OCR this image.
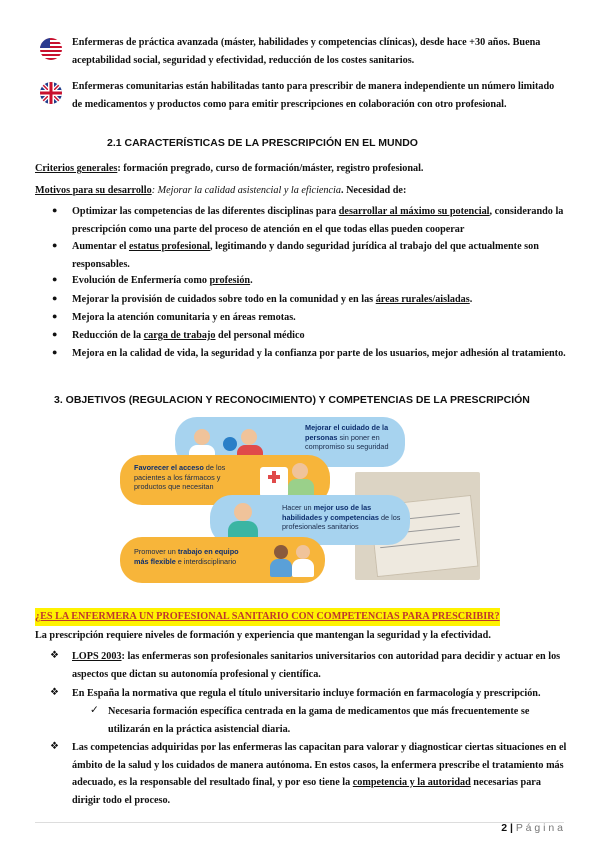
Enfermeras de práctica avanzada (máster, habilidades y competencias clínicas), desde hace +30 años. Buena aceptabilidad social, seguridad y efectividad, reducción de los costes sanitarios.
Enfermeras comunitarias están habilitadas tanto para prescribir de manera independiente un número limitado de medicamentos y productos como para emitir prescripciones en colaboración con otro profesional.
2.1 CARACTERÍSTICAS DE LA PRESCRIPCIÓN EN EL MUNDO
Criterios generales: formación pregrado, curso de formación/máster, registro profesional.
Motivos para su desarrollo: Mejorar la calidad asistencial y la eficiencia. Necesidad de:
● Optimizar las competencias de las diferentes disciplinas para desarrollar al máximo su potencial, considerando la prescripción como una parte del proceso de atención en el que todas ellas pueden cooperar
● Aumentar el estatus profesional, legitimando y dando seguridad jurídica al trabajo del que actualmente son responsables.
● Evolución de Enfermería como profesión.
● Mejorar la provisión de cuidados sobre todo en la comunidad y en las áreas rurales/aisladas.
● Mejora la atención comunitaria y en áreas remotas.
● Reducción de la carga de trabajo del personal médico
● Mejora en la calidad de vida, la seguridad y la confianza por parte de los usuarios, mejor adhesión al tratamiento.
3. OBJETIVOS (REGULACION Y RECONOCIMIENTO) Y COMPETENCIAS DE LA PRESCRIPCIÓN
Mejorar el cuidado de la
personas sin poner en compromiso su seguridad
Favorecer el acceso de los pacientes a los fármacos y productos que necesitan
Hacer un mejor uso de las habilidades y competencias de los profesionales sanitarios
Promover un trabajo en equipo
más flexible e interdisciplinario
¿ES LA ENFERMERA UN PROFESIONAL SANITARIO CON COMPETENCIAS PARA PRESCRIBIR?
La prescripción requiere niveles de formación y experiencia que mantengan la seguridad y la efectividad.
❖ LOPS 2003: las enfermeras son profesionales sanitarios universitarios con autoridad para decidir y actuar en los aspectos que dictan su autonomía profesional y científica.
❖ En España la normativa que regula el título universitario incluye formación en farmacología y prescripción.
✓ Necesaria formación específica centrada en la gama de medicamentos que más frecuentemente se utilizarán en la práctica asistencial diaria.
❖ Las competencias adquiridas por las enfermeras las capacitan para valorar y diagnosticar ciertas situaciones en el ámbito de la salud y los cuidados de manera autónoma. En estos casos, la enfermera prescribe el tratamiento más adecuado, es la responsable del resultado final, y por eso tiene la competencia y la autoridad necesarias para dirigir todo el proceso.
2 | P á g i n a
